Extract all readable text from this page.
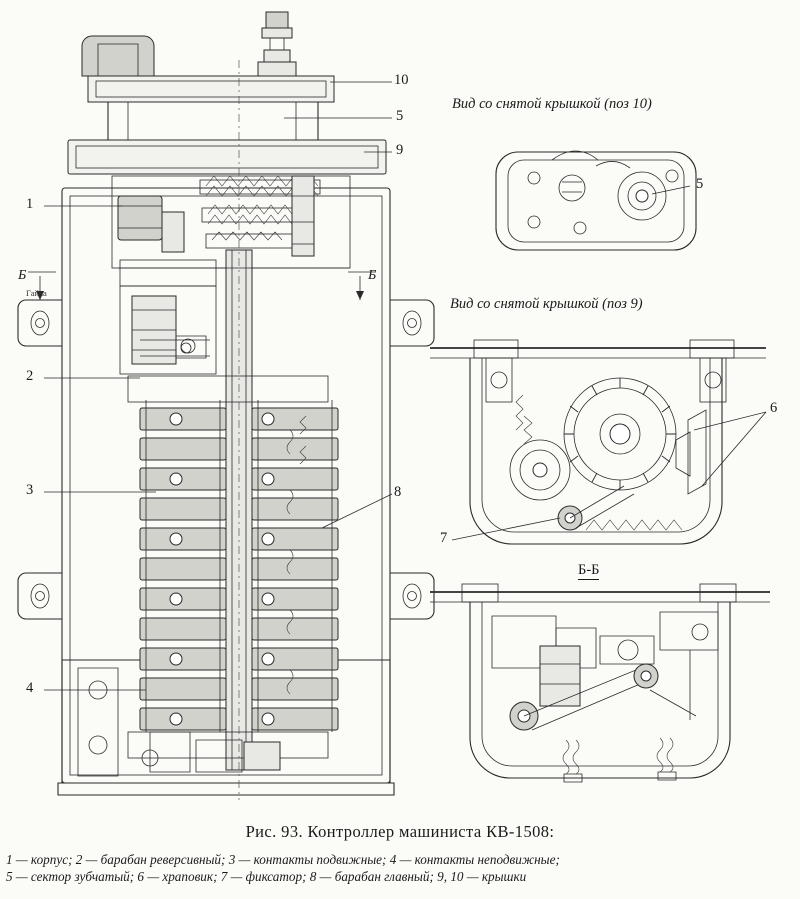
1
2
3
4
10
5
9
8
5
6
7
Б	Б
Гайка
Вид со снятой крышкой (поз 10)
Вид со снятой крышкой (поз 9)
Б-Б
Рис. 93. Контроллер машиниста КВ-1508:
1 — корпус; 2 — барабан реверсивный; 3 — контакты подвижные; 4 — контакты неподвижные;
5 — сектор зубчатый; 6 — храповик; 7 — фиксатор; 8 — барабан главный; 9, 10 — крышки
